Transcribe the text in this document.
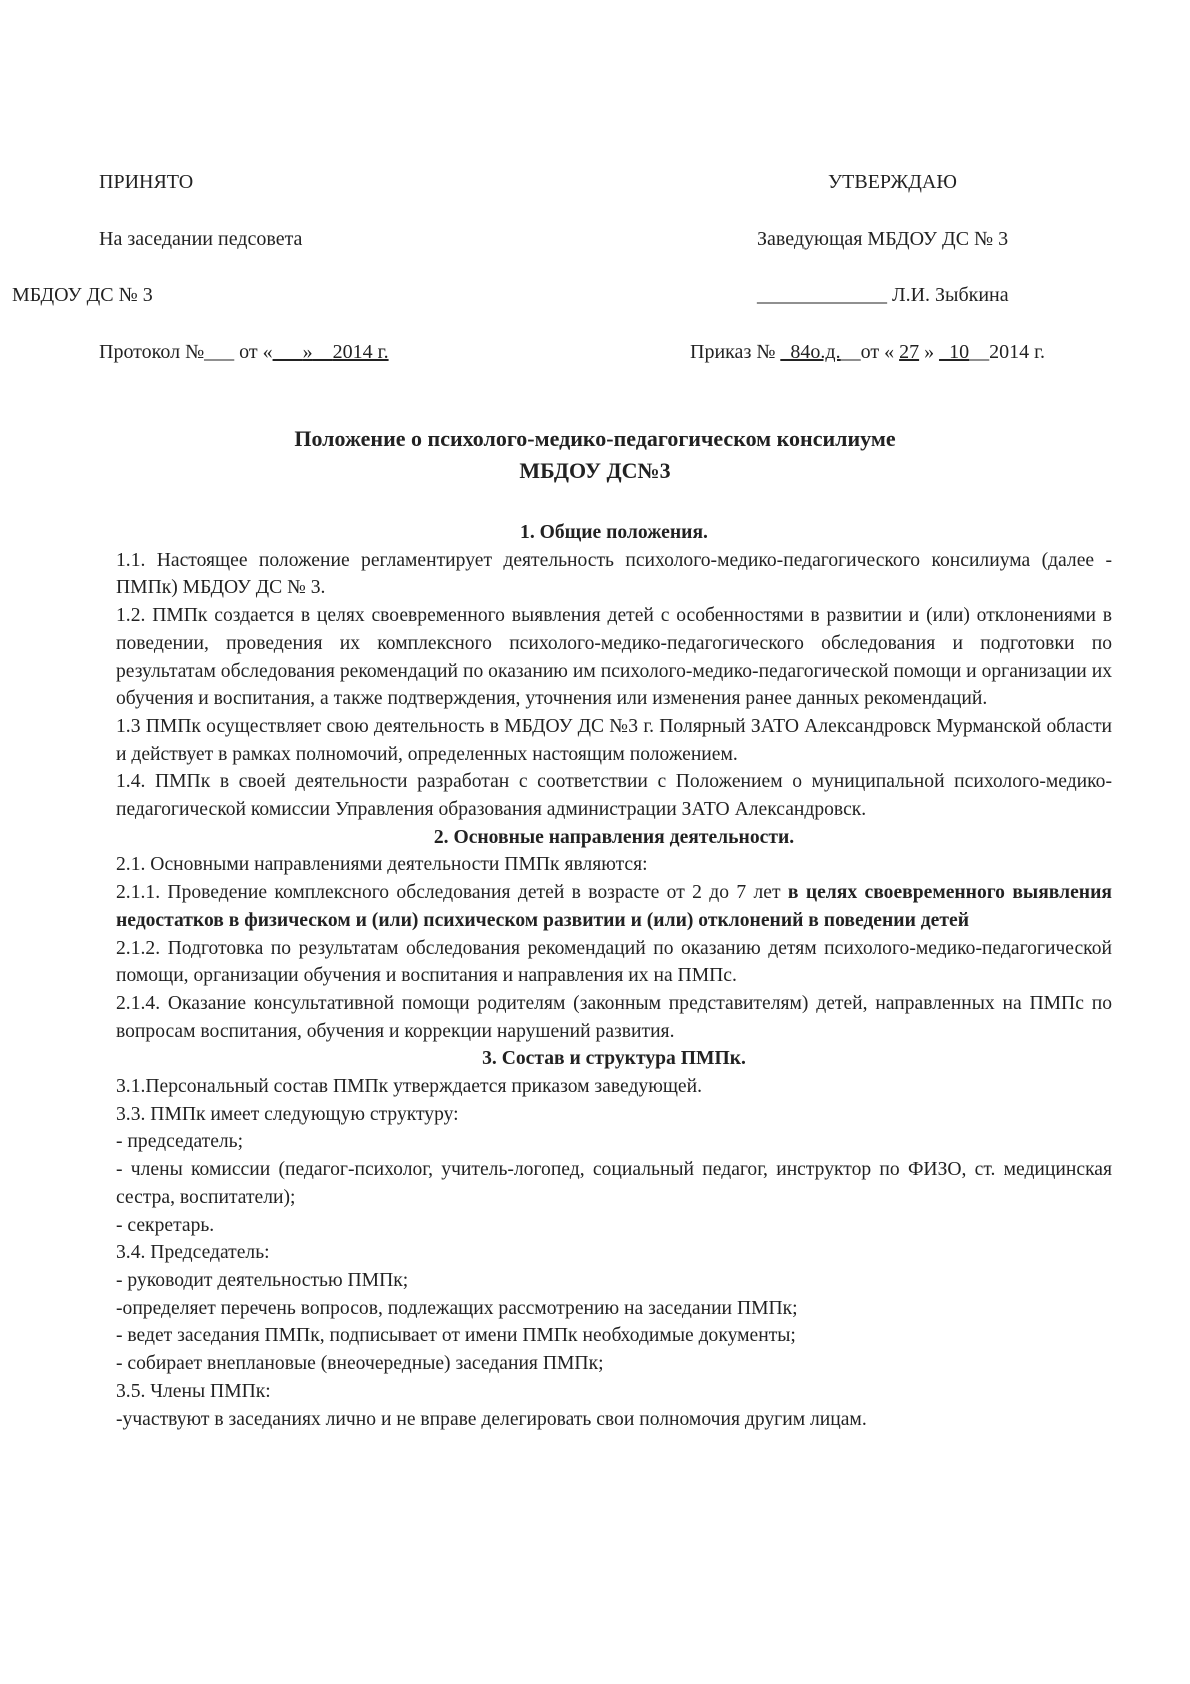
ПРИНЯТО	УТВЕРЖДАЮ
На заседании педсовета	Заведующая МБДОУ ДС № 3
МБДОУ ДС № 3	_____________ Л.И. Зыбкина
Протокол №___ от «___»__2014 г.	Приказ № _84о.д.__от « 27 » _10__2014 г.
Положение о психолого-медико-педагогическом консилиуме
МБДОУ ДС№3

1. Общие положения.

1.1. Настоящее положение регламентирует деятельность психолого-медико-педагогического консилиума (далее - ПМПк) МБДОУ ДС № 3.

1.2. ПМПк создается в целях своевременного выявления детей с особенностями в развитии и (или) отклонениями в поведении, проведения их комплексного психолого-медико-педагогического обследования и подготовки по результатам обследования рекомендаций по оказанию им психолого-медико-педагогической помощи и организации их обучения и воспитания, а также подтверждения, уточнения или изменения ранее данных рекомендаций.

1.3 ПМПк осуществляет свою деятельность в МБДОУ ДС №3 г. Полярный ЗАТО Александровск Мурманской области и действует в рамках полномочий, определенных настоящим положением.

1.4. ПМПк в своей деятельности разработан с соответствии с Положением о муниципальной психолого-медико-педагогической комиссии Управления образования администрации ЗАТО Александровск.

2. Основные направления деятельности.

2.1. Основными направлениями деятельности ПМПк являются:

2.1.1. Проведение комплексного обследования детей в возрасте от 2 до 7 лет в целях своевременного выявления недостатков в физическом и (или) психическом развитии и (или) отклонений в поведении детей

2.1.2. Подготовка по результатам обследования рекомендаций по оказанию детям психолого-медико-педагогической помощи, организации обучения и воспитания и направления их на ПМПс.

2.1.4. Оказание консультативной помощи родителям (законным представителям) детей, направленных на ПМПс по вопросам воспитания, обучения и коррекции нарушений развития.

3. Состав и структура ПМПк.

3.1.Персональный состав ПМПк утверждается приказом заведующей.

3.3. ПМПк имеет следующую структуру:

- председатель;

- члены комиссии (педагог-психолог, учитель-логопед, социальный педагог, инструктор по ФИЗО, ст. медицинская сестра, воспитатели);

- секретарь.

3.4. Председатель:

- руководит деятельностью ПМПк;

-определяет перечень вопросов, подлежащих рассмотрению на заседании ПМПк;

- ведет заседания ПМПк, подписывает от имени ПМПк необходимые документы;

- собирает внеплановые (внеочередные) заседания ПМПк;

3.5. Члены ПМПк:

-участвуют в заседаниях лично и не вправе делегировать свои полномочия другим лицам.
